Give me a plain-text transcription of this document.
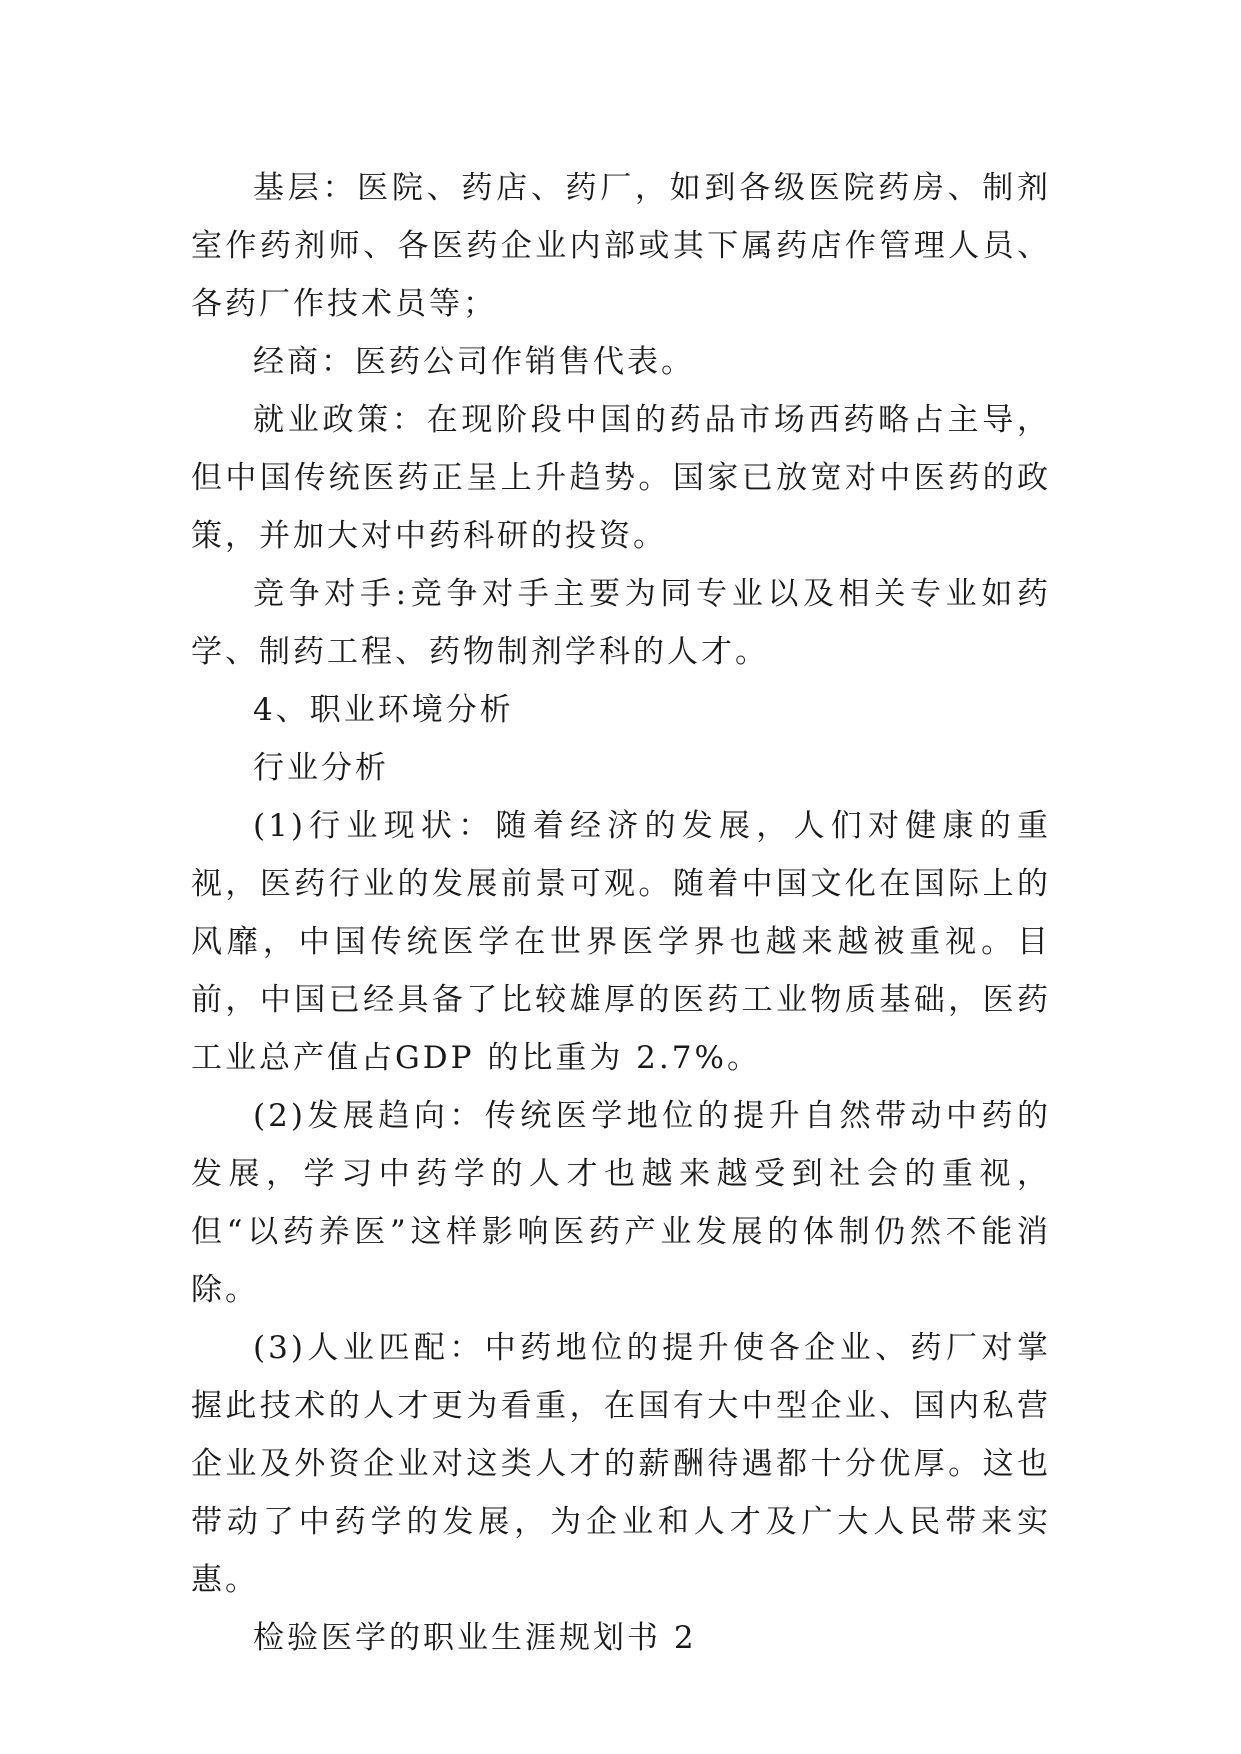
基层：医院、药店、药厂，如到各级医院药房、制剂室作药剂师、各医药企业内部或其下属药店作管理人员、各药厂作技术员等；

经商：医药公司作销售代表。

就业政策：在现阶段中国的药品市场西药略占主导，但中国传统医药正呈上升趋势。国家已放宽对中医药的政策，并加大对中药科研的投资。

竞争对手:竞争对手主要为同专业以及相关专业如药学、制药工程、药物制剂学科的人才。

4、职业环境分析

行业分析

(1)行业现状：随着经济的发展，人们对健康的重视，医药行业的发展前景可观。随着中国文化在国际上的风靡，中国传统医学在世界医学界也越来越被重视。目前，中国已经具备了比较雄厚的医药工业物质基础，医药工业总产值占GDP 的比重为 2.7%。

(2)发展趋向：传统医学地位的提升自然带动中药的发展，学习中药学的人才也越来越受到社会的重视，但“以药养医”这样影响医药产业发展的体制仍然不能消除。

(3)人业匹配：中药地位的提升使各企业、药厂对掌握此技术的人才更为看重，在国有大中型企业、国内私营企业及外资企业对这类人才的薪酬待遇都十分优厚。这也带动了中药学的发展，为企业和人才及广大人民带来实惠。

检验医学的职业生涯规划书 2
